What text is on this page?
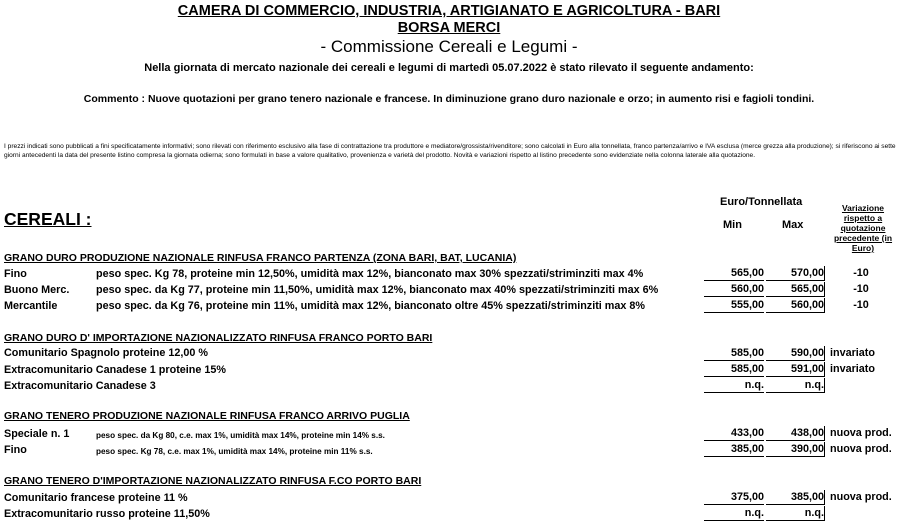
CAMERA DI COMMERCIO, INDUSTRIA, ARTIGIANATO E AGRICOLTURA - BARI
BORSA MERCI
- Commissione Cereali e Legumi -
Nella giornata di mercato nazionale dei cereali e legumi di martedì 05.07.2022 è stato rilevato il seguente andamento:
Commento : Nuove quotazioni per grano tenero nazionale e francese. In diminuzione grano duro nazionale e orzo; in aumento risi e fagioli tondini.
I prezzi indicati sono pubblicati a fini specificatamente informativi; sono rilevati con riferimento esclusivo alla fase di contrattazione tra produttore e mediatore/grossista/rivenditore; sono calcolati in Euro alla tonnellata, franco partenza/arrivo e IVA esclusa (merce grezza alla produzione); si riferiscono ai sette giorni antecedenti la data del presente listino compresa la giornata odierna; sono formulati in base a valore qualitativo, provenienza e varietà del prodotto. Novità e variazioni rispetto al listino precedente sono evidenziate nella colonna laterale alla quotazione.
CEREALI :
Euro/Tonnellata
Min	Max
Variazione rispetto a quotazione precedente (in Euro)
GRANO DURO PRODUZIONE NAZIONALE RINFUSA FRANCO PARTENZA (ZONA BARI, BAT, LUCANIA)
Fino	peso spec. Kg 78, proteine min 12,50%, umidità max 12%, bianconato max 30% spezzati/striminziti max 4%	565,00	570,00	-10
Buono Merc. peso spec. da Kg 77, proteine min 11,50%, umidità max 12%, bianconato max 40% spezzati/striminziti max 6%	560,00	565,00	-10
Mercantile	peso spec. da Kg 76, proteine min 11%, umidità max 12%, bianconato oltre 45% spezzati/striminziti max 8%	555,00	560,00	-10
GRANO DURO D' IMPORTAZIONE NAZIONALIZZATO RINFUSA FRANCO PORTO BARI
Comunitario Spagnolo proteine 12,00 %	585,00	590,00 invariato
Extracomunitario Canadese 1 proteine 15%	585,00	591,00 invariato
Extracomunitario Canadese 3	n.q.	n.q.
GRANO TENERO PRODUZIONE NAZIONALE RINFUSA FRANCO ARRIVO PUGLIA
Speciale n. 1	peso spec. da Kg 80, c.e. max 1%, umidità max 14%, proteine min 14% s.s.	433,00	438,00 nuova prod.
Fino	peso spec. Kg 78, c.e. max 1%, umidità max 14%, proteine min 11% s.s.	385,00	390,00 nuova prod.
GRANO TENERO D'IMPORTAZIONE NAZIONALIZZATO RINFUSA F.CO PORTO BARI
Comunitario francese proteine 11 %	375,00	385,00 nuova prod.
Extracomunitario russo proteine 11,50%	n.q.	n.q.
